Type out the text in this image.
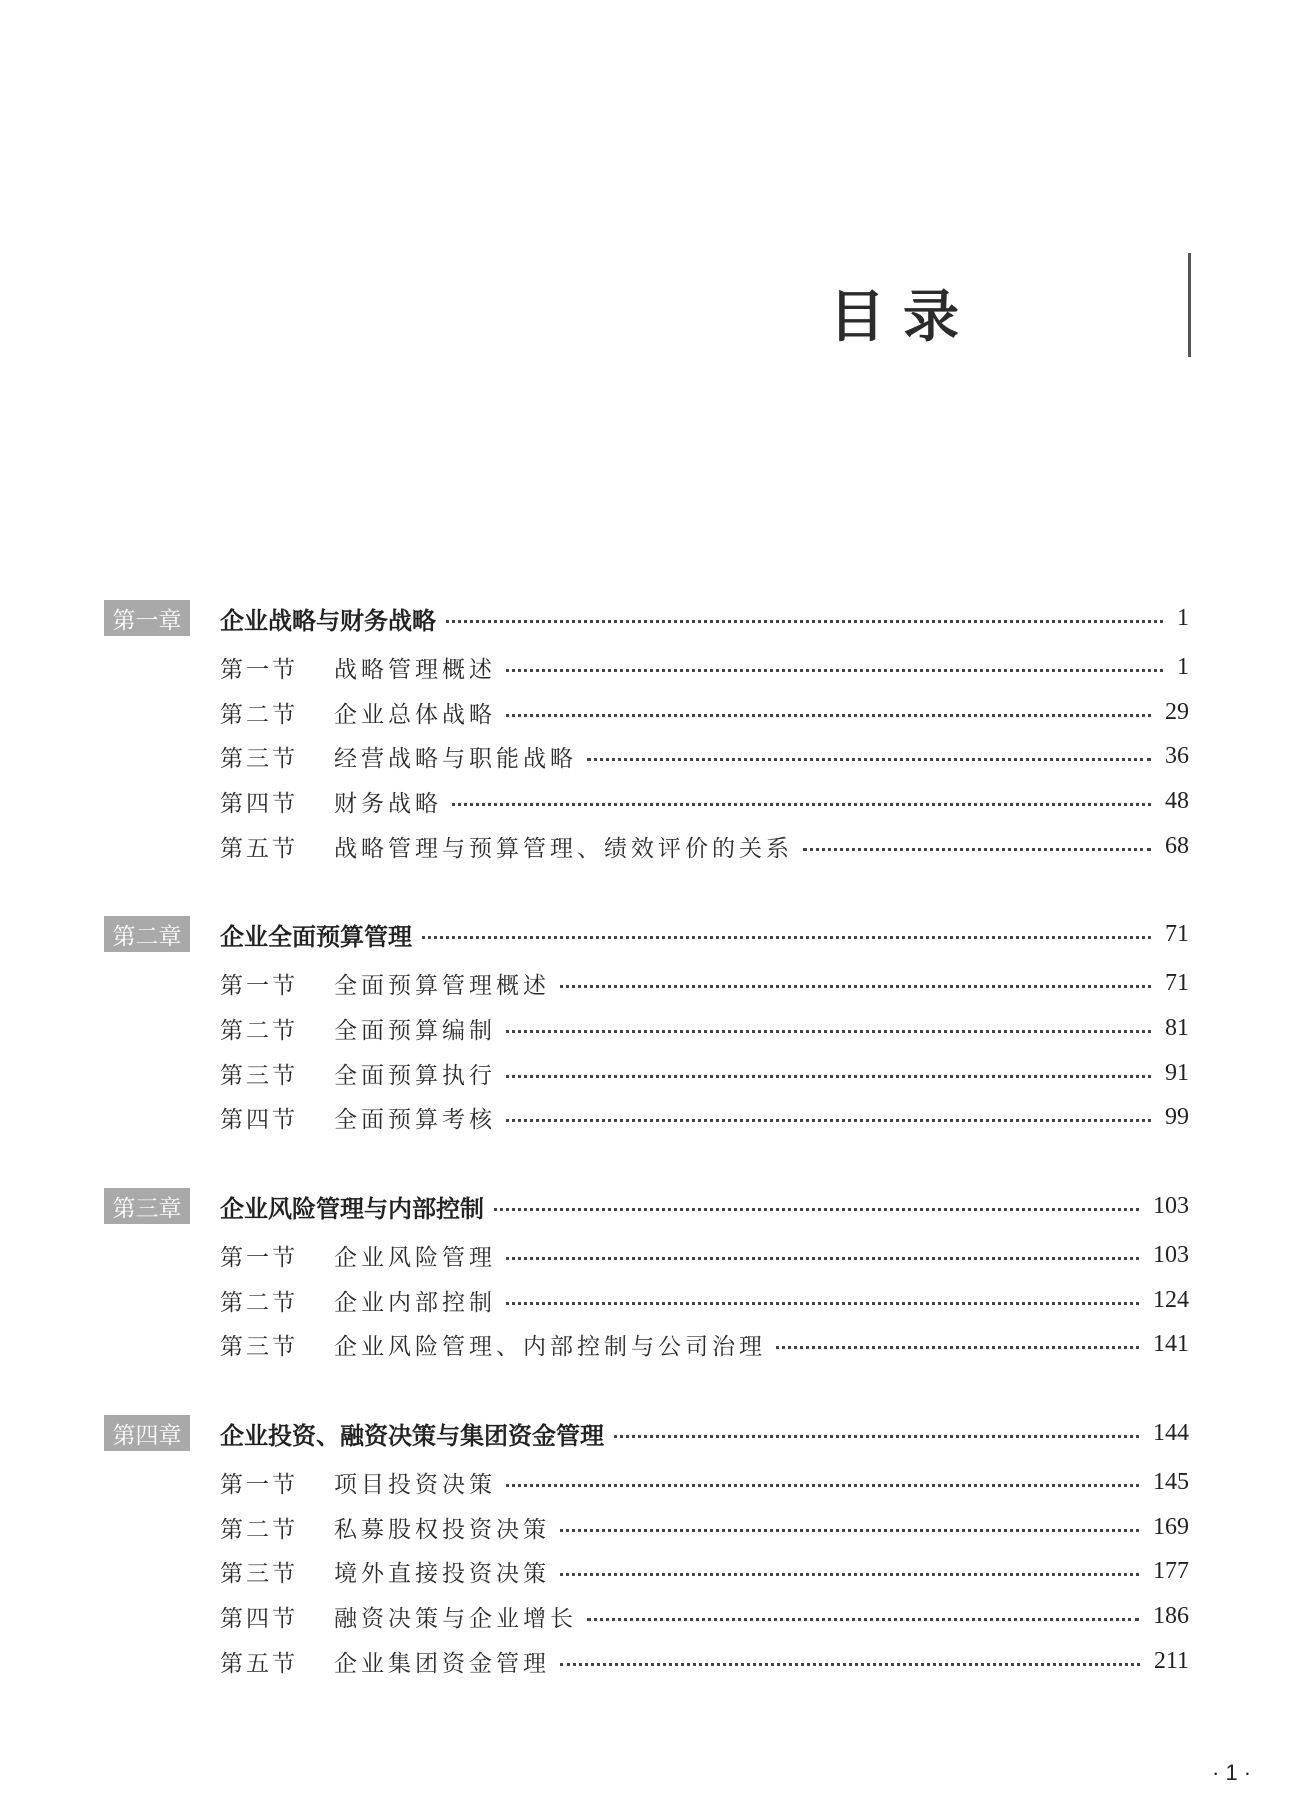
目录
第一章	企业战略与财务战略	1
第一节	战略管理概述	1
第二节	企业总体战略	29
第三节	经营战略与职能战略	36
第四节	财务战略	48
第五节	战略管理与预算管理、绩效评价的关系	68
第二章	企业全面预算管理	71
第一节	全面预算管理概述	71
第二节	全面预算编制	81
第三节	全面预算执行	91
第四节	全面预算考核	99
第三章	企业风险管理与内部控制	103
第一节	企业风险管理	103
第二节	企业内部控制	124
第三节	企业风险管理、内部控制与公司治理	141
第四章	企业投资、融资决策与集团资金管理	144
第一节	项目投资决策	145
第二节	私募股权投资决策	169
第三节	境外直接投资决策	177
第四节	融资决策与企业增长	186
第五节	企业集团资金管理	211
· 1 ·
